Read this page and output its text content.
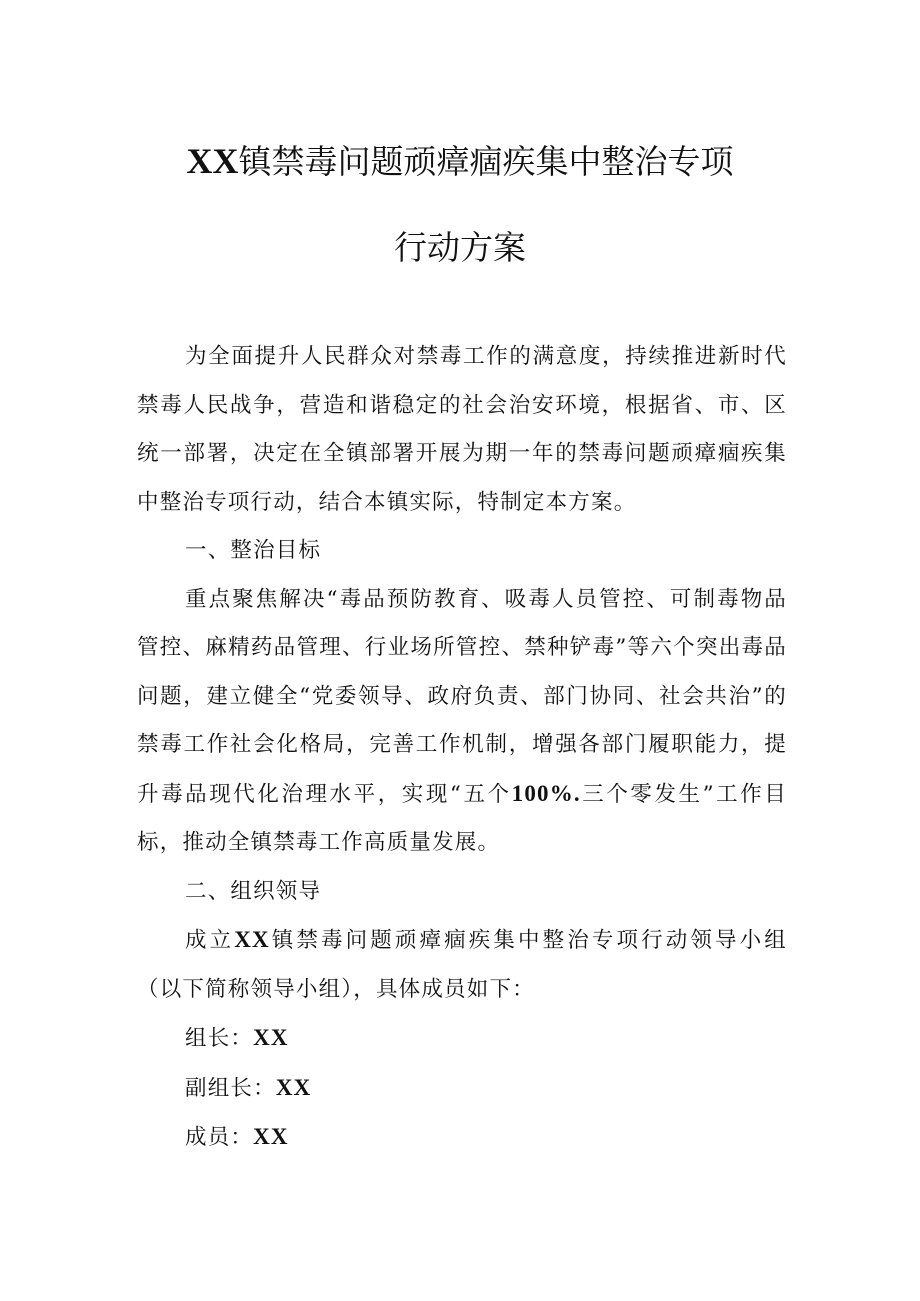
XX镇禁毒问题顽瘴痼疾集中整治专项
行动方案

为全面提升人民群众对禁毒工作的满意度，持续推进新时代禁毒人民战争，营造和谐稳定的社会治安环境，根据省、市、区统一部署，决定在全镇部署开展为期一年的禁毒问题顽瘴痼疾集中整治专项行动，结合本镇实际，特制定本方案。

一、整治目标

重点聚焦解决“毒品预防教育、吸毒人员管控、可制毒物品管控、麻精药品管理、行业场所管控、禁种铲毒”等六个突出毒品问题，建立健全“党委领导、政府负责、部门协同、社会共治”的禁毒工作社会化格局，完善工作机制，增强各部门履职能力，提升毒品现代化治理水平，实现“五个100%.三个零发生”工作目标，推动全镇禁毒工作高质量发展。

二、组织领导

成立XX镇禁毒问题顽瘴痼疾集中整治专项行动领导小组（以下简称领导小组），具体成员如下：

组长：XX

副组长：XX

成员：XX
